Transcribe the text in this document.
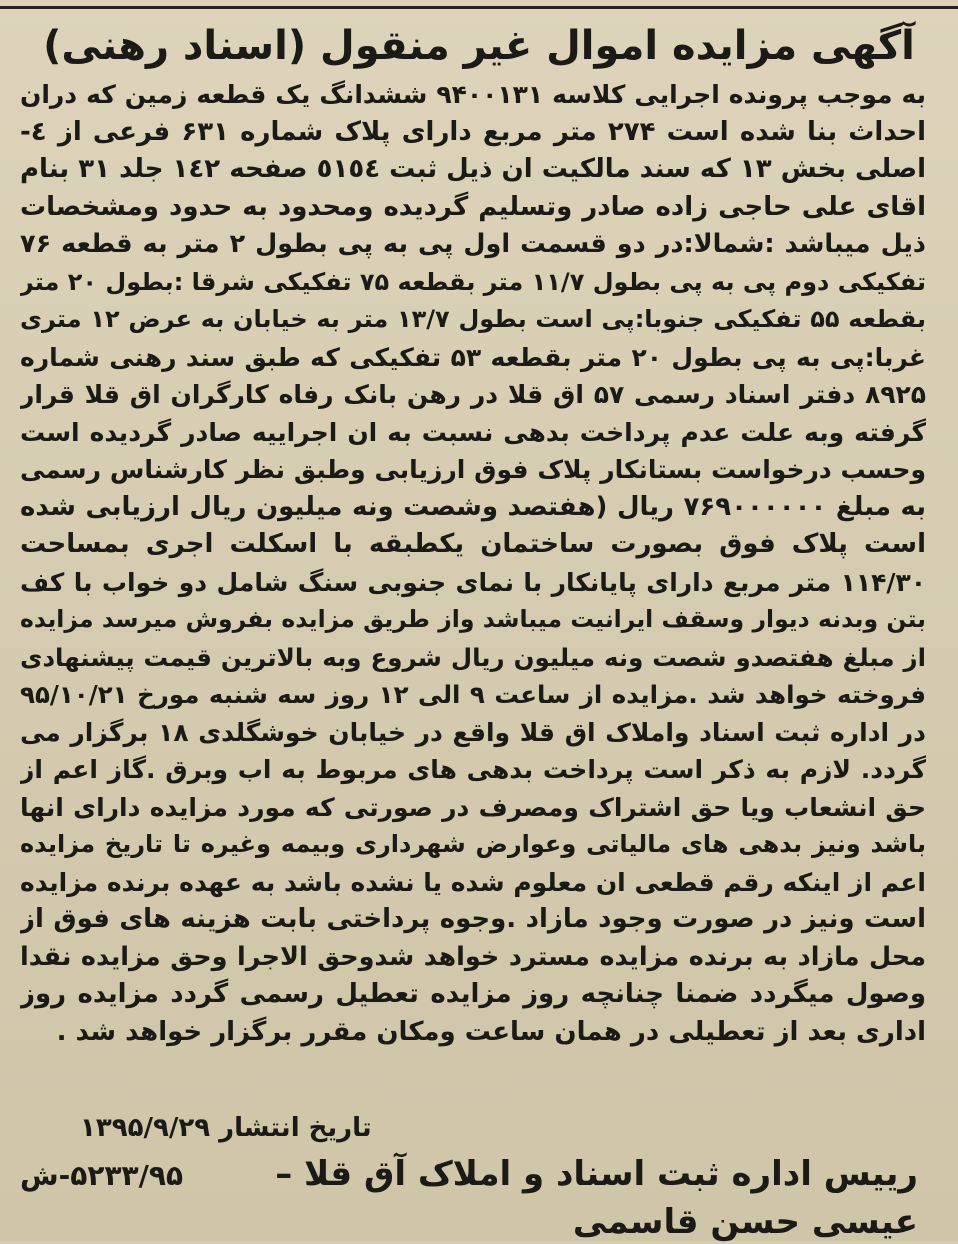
آگهی مزایده اموال غیر منقول (اسناد رهنی)
به موجب پرونده اجرایی کلاسه ۹۴۰۰۱۳۱ ششدانگ یک قطعه زمین که دران
احداث بنا شده است ۲۷۴ متر مربع دارای پلاک شماره ۶۳۱ فرعی از ٤-
اصلی بخش ۱۳ که سند مالکیت ان ذیل ثبت ٥١٥٤ صفحه ۱٤۲ جلد ۳۱ بنام
اقای علی حاجی زاده صادر وتسلیم گردیده ومحدود به حدود ومشخصات
ذیل میباشد :شمالا:در دو قسمت اول پی به پی بطول ۲ متر به قطعه ۷۶
تفکیکی دوم پی به پی بطول ۱۱/۷ متر بقطعه ۷۵ تفکیکی شرقا :بطول ۲۰ متر
بقطعه ۵۵ تفکیکی جنوبا:پی است بطول ۱۳/۷ متر به خیابان به عرض ۱۲ متری
غربا:پی به پی بطول ۲۰ متر بقطعه ۵۳ تفکیکی که طبق سند رهنی شماره
۸۹۲۵ دفتر اسناد رسمی ۵۷ اق قلا در رهن بانک رفاه کارگران اق قلا قرار
گرفته وبه علت عدم پرداخت بدهی نسبت به ان اجراییه صادر گردیده است
وحسب درخواست بستانکار پلاک فوق ارزیابی وطبق نظر کارشناس رسمی
به مبلغ ۷۶۹۰۰۰۰۰۰ ریال (هفتصد وشصت ونه میلیون ریال ارزیابی شده
است پلاک فوق بصورت ساختمان یکطبقه با اسکلت اجری بمساحت
۱۱۴/۳۰ متر مربع دارای پایانکار با نمای جنوبی سنگ شامل دو خواب با کف
بتن وبدنه دیوار وسقف ایرانیت میباشد واز طریق مزایده بفروش میرسد مزایده
از مبلغ هفتصدو شصت ونه میلیون ریال شروع وبه بالاترین قیمت پیشنهادی
فروخته خواهد شد .مزایده از ساعت ۹ الی ۱۲ روز سه شنبه مورخ ۹۵/۱۰/۲۱
در اداره ثبت اسناد واملاک اق قلا واقع در خیابان خوشگلدی ۱۸ برگزار می
گردد. لازم به ذکر است پرداخت بدهی های مربوط به اب وبرق .گاز اعم از
حق انشعاب ویا حق اشتراک ومصرف در صورتی که مورد مزایده دارای انها
باشد ونیز بدهی های مالیاتی وعوارض شهرداری وبیمه وغیره تا تاریخ مزایده
اعم از اینکه رقم قطعی ان معلوم شده یا نشده باشد به عهده برنده مزایده
است ونیز در صورت وجود مازاد .وجوه پرداختی بابت هزینه های فوق از
محل مازاد به برنده مزایده مسترد خواهد شدوحق الاجرا وحق مزایده نقدا
وصول میگردد ضمنا چنانچه روز مزایده تعطیل رسمی گردد مزایده روز
اداری بعد از تعطیلی در همان ساعت ومکان مقرر برگزار خواهد شد .
تاریخ انتشار ۱۳۹۵/۹/۲۹
رییس اداره ثبت اسناد و املاک آق قلا –
۵۲۳۳/۹۵-ش
عیسی حسن قاسمی
